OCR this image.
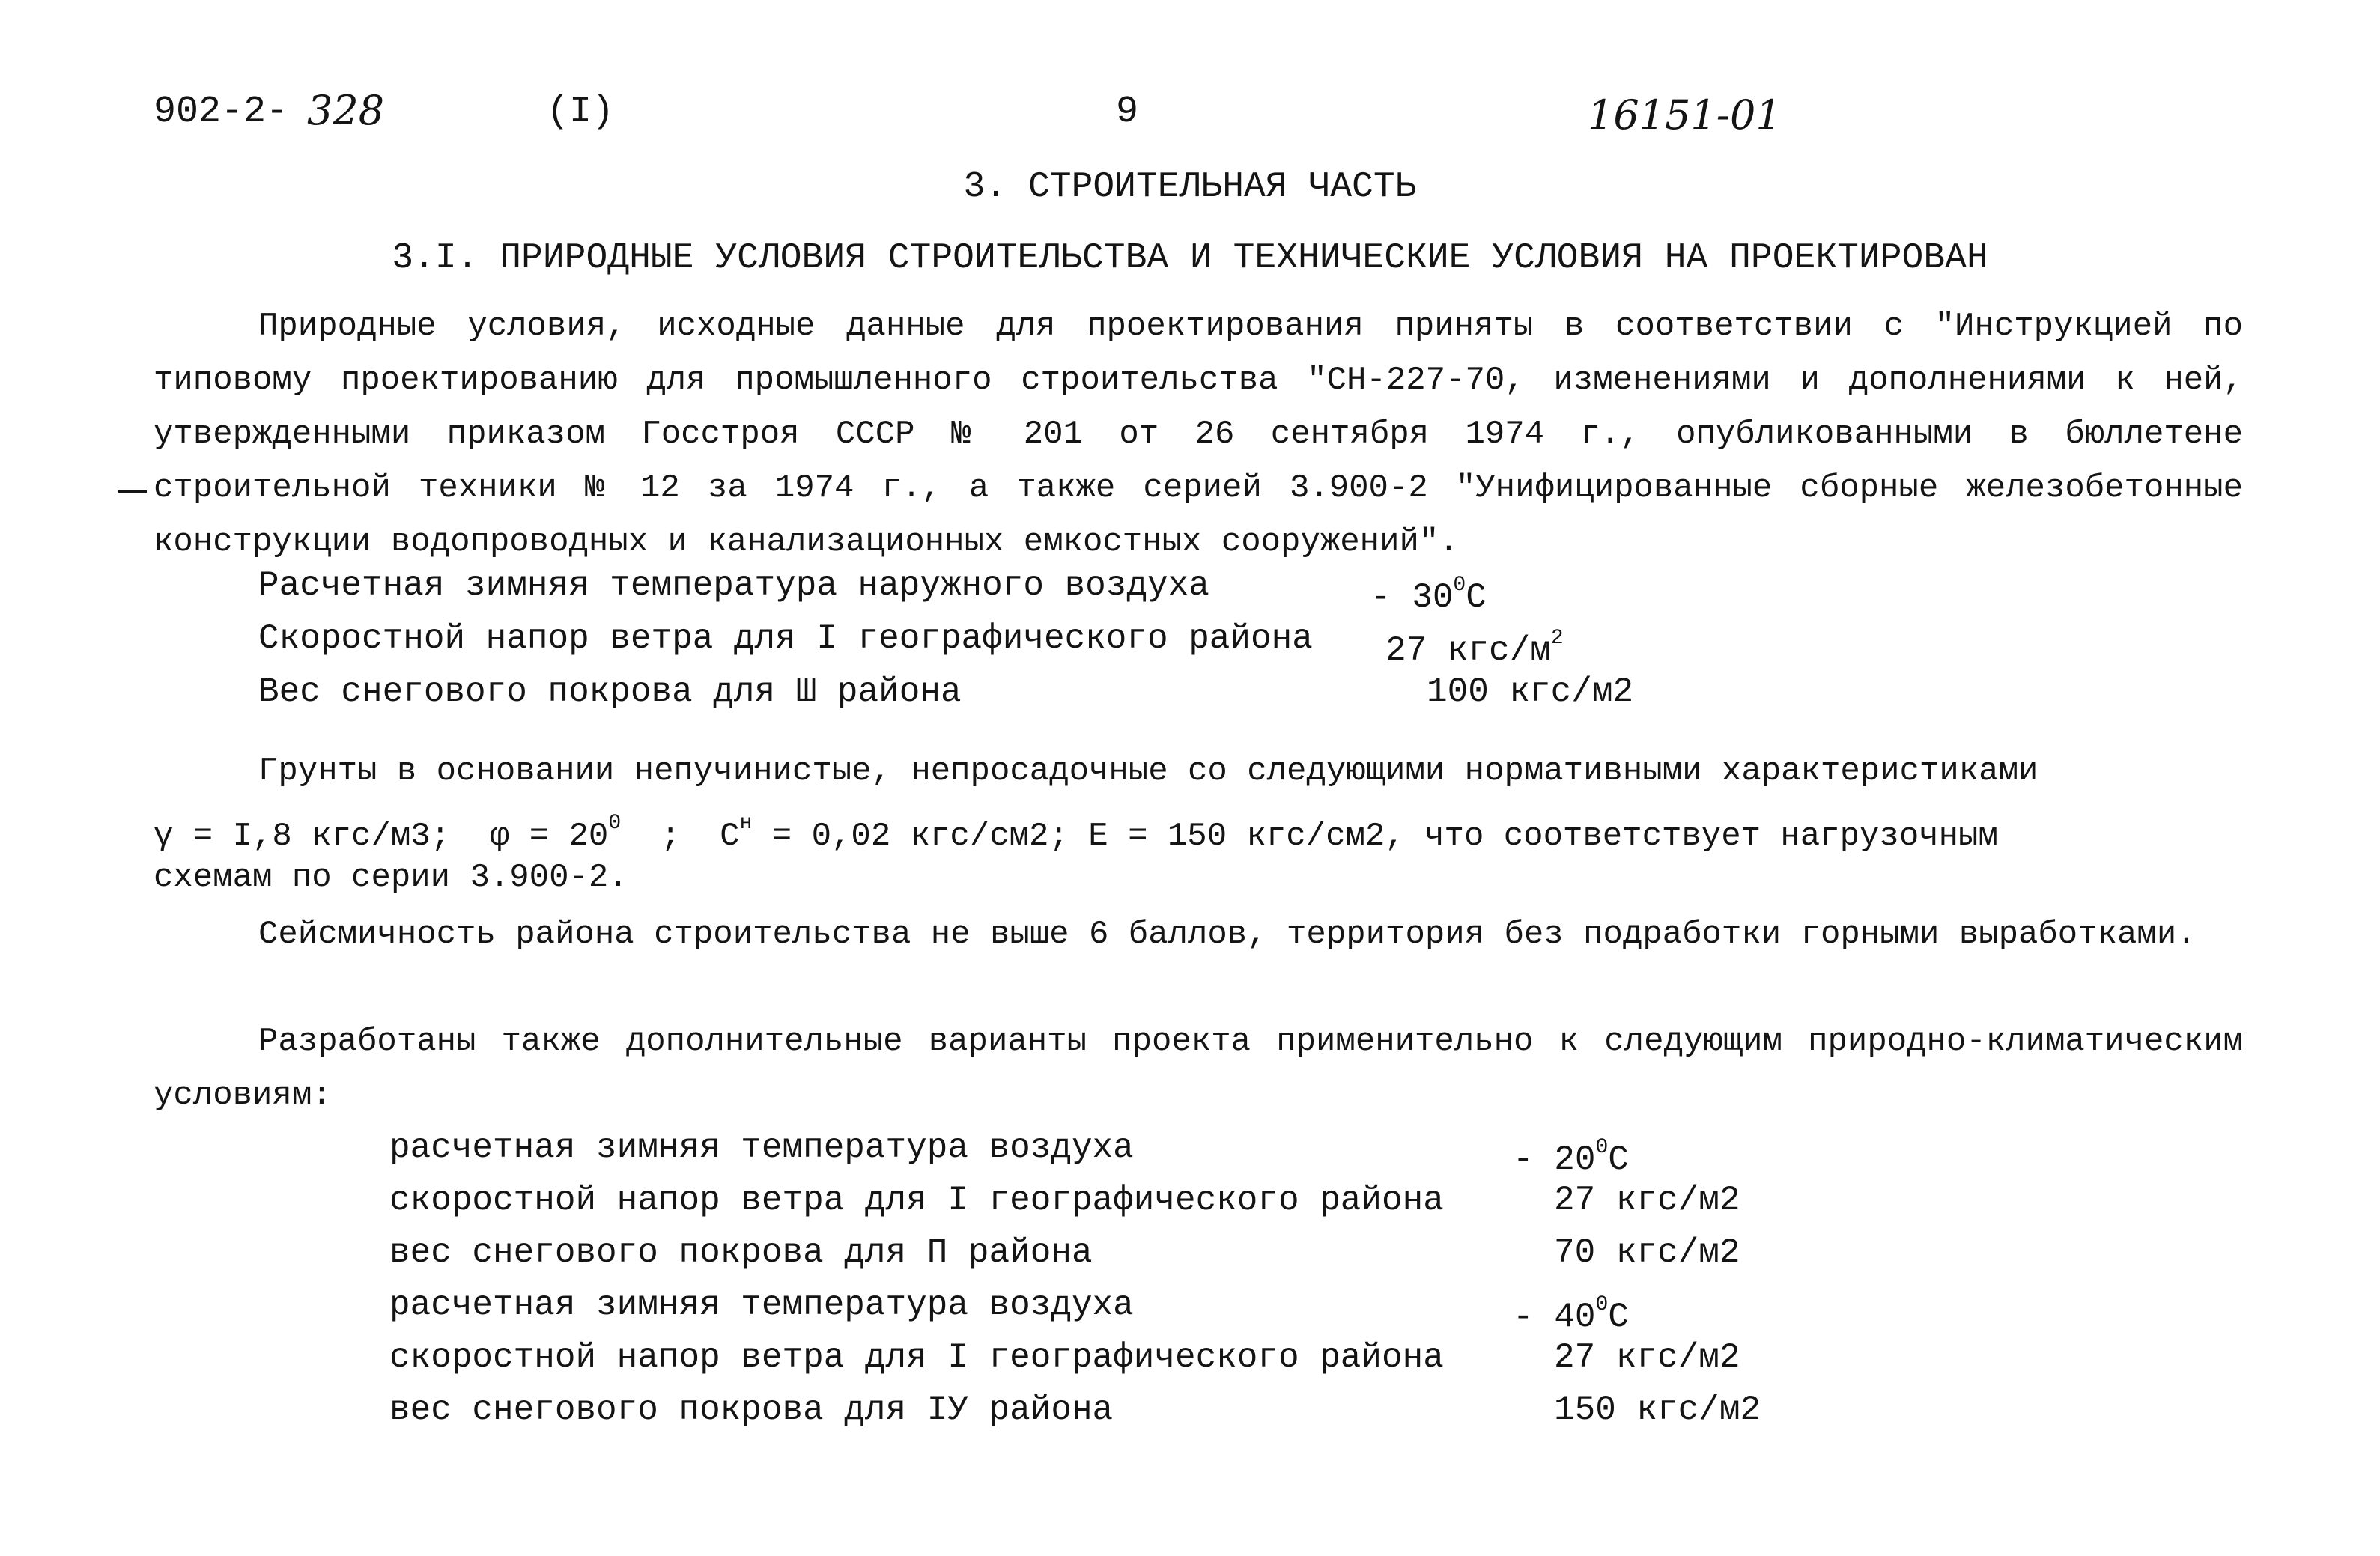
902-2- 328	(I)	9	16151-01
3. СТРОИТЕЛЬНАЯ ЧАСТЬ
3.I. ПРИРОДНЫЕ УСЛОВИЯ СТРОИТЕЛЬСТВА И ТЕХНИЧЕСКИЕ УСЛОВИЯ НА ПРОЕКТИРОВАН

Природные условия, исходные данные для проектирования приняты в соответствии с "Инструкцией по типовому проектированию для промышленного строительства "СН-227-70, изменениями и дополнениями к ней, утвержденными приказом Госстроя СССР № 201 от 26 сентября 1974 г., опубликованными в бюллетене строительной техники № 12 за 1974 г., а также серией 3.900-2 "Унифицированные сборные железобетонные конструкции водопроводных и канализационных емкостных сооружений".

Расчетная зимняя температура наружного воздуха	- $30^0С$
Скоростной напор ветра для I географического района 27 кгс/$м^2$
Вес снегового покрова для Ш района	100 кгс/м2
Грунты в основании непучинистые, непросадочные со следующими нормативными характеристиками
γ = I,8 кгс/м3; $\varphi = 20^0$ ; $C^н = 0,02$ кгс/см2; E = 150 кгс/см2, что соответствует нагрузочным
схемам по серии 3.900-2.

Сейсмичность района строительства не выше 6 баллов, территория без подработки горными выработками.

Разработаны также дополнительные варианты проекта применительно к следующим природно-климатическим условиям:

расчетная зимняя температура воздуха	- $20^0С$
скоростной напор ветра для I географического района	27 кгс/м2
вес снегового покрова для П района	70 кгс/м2
расчетная зимняя температура воздуха	- $40^0С$
скоростной напор ветра для I географического района	27 кгс/м2
вес снегового покрова для IУ района	150 кгс/м2
